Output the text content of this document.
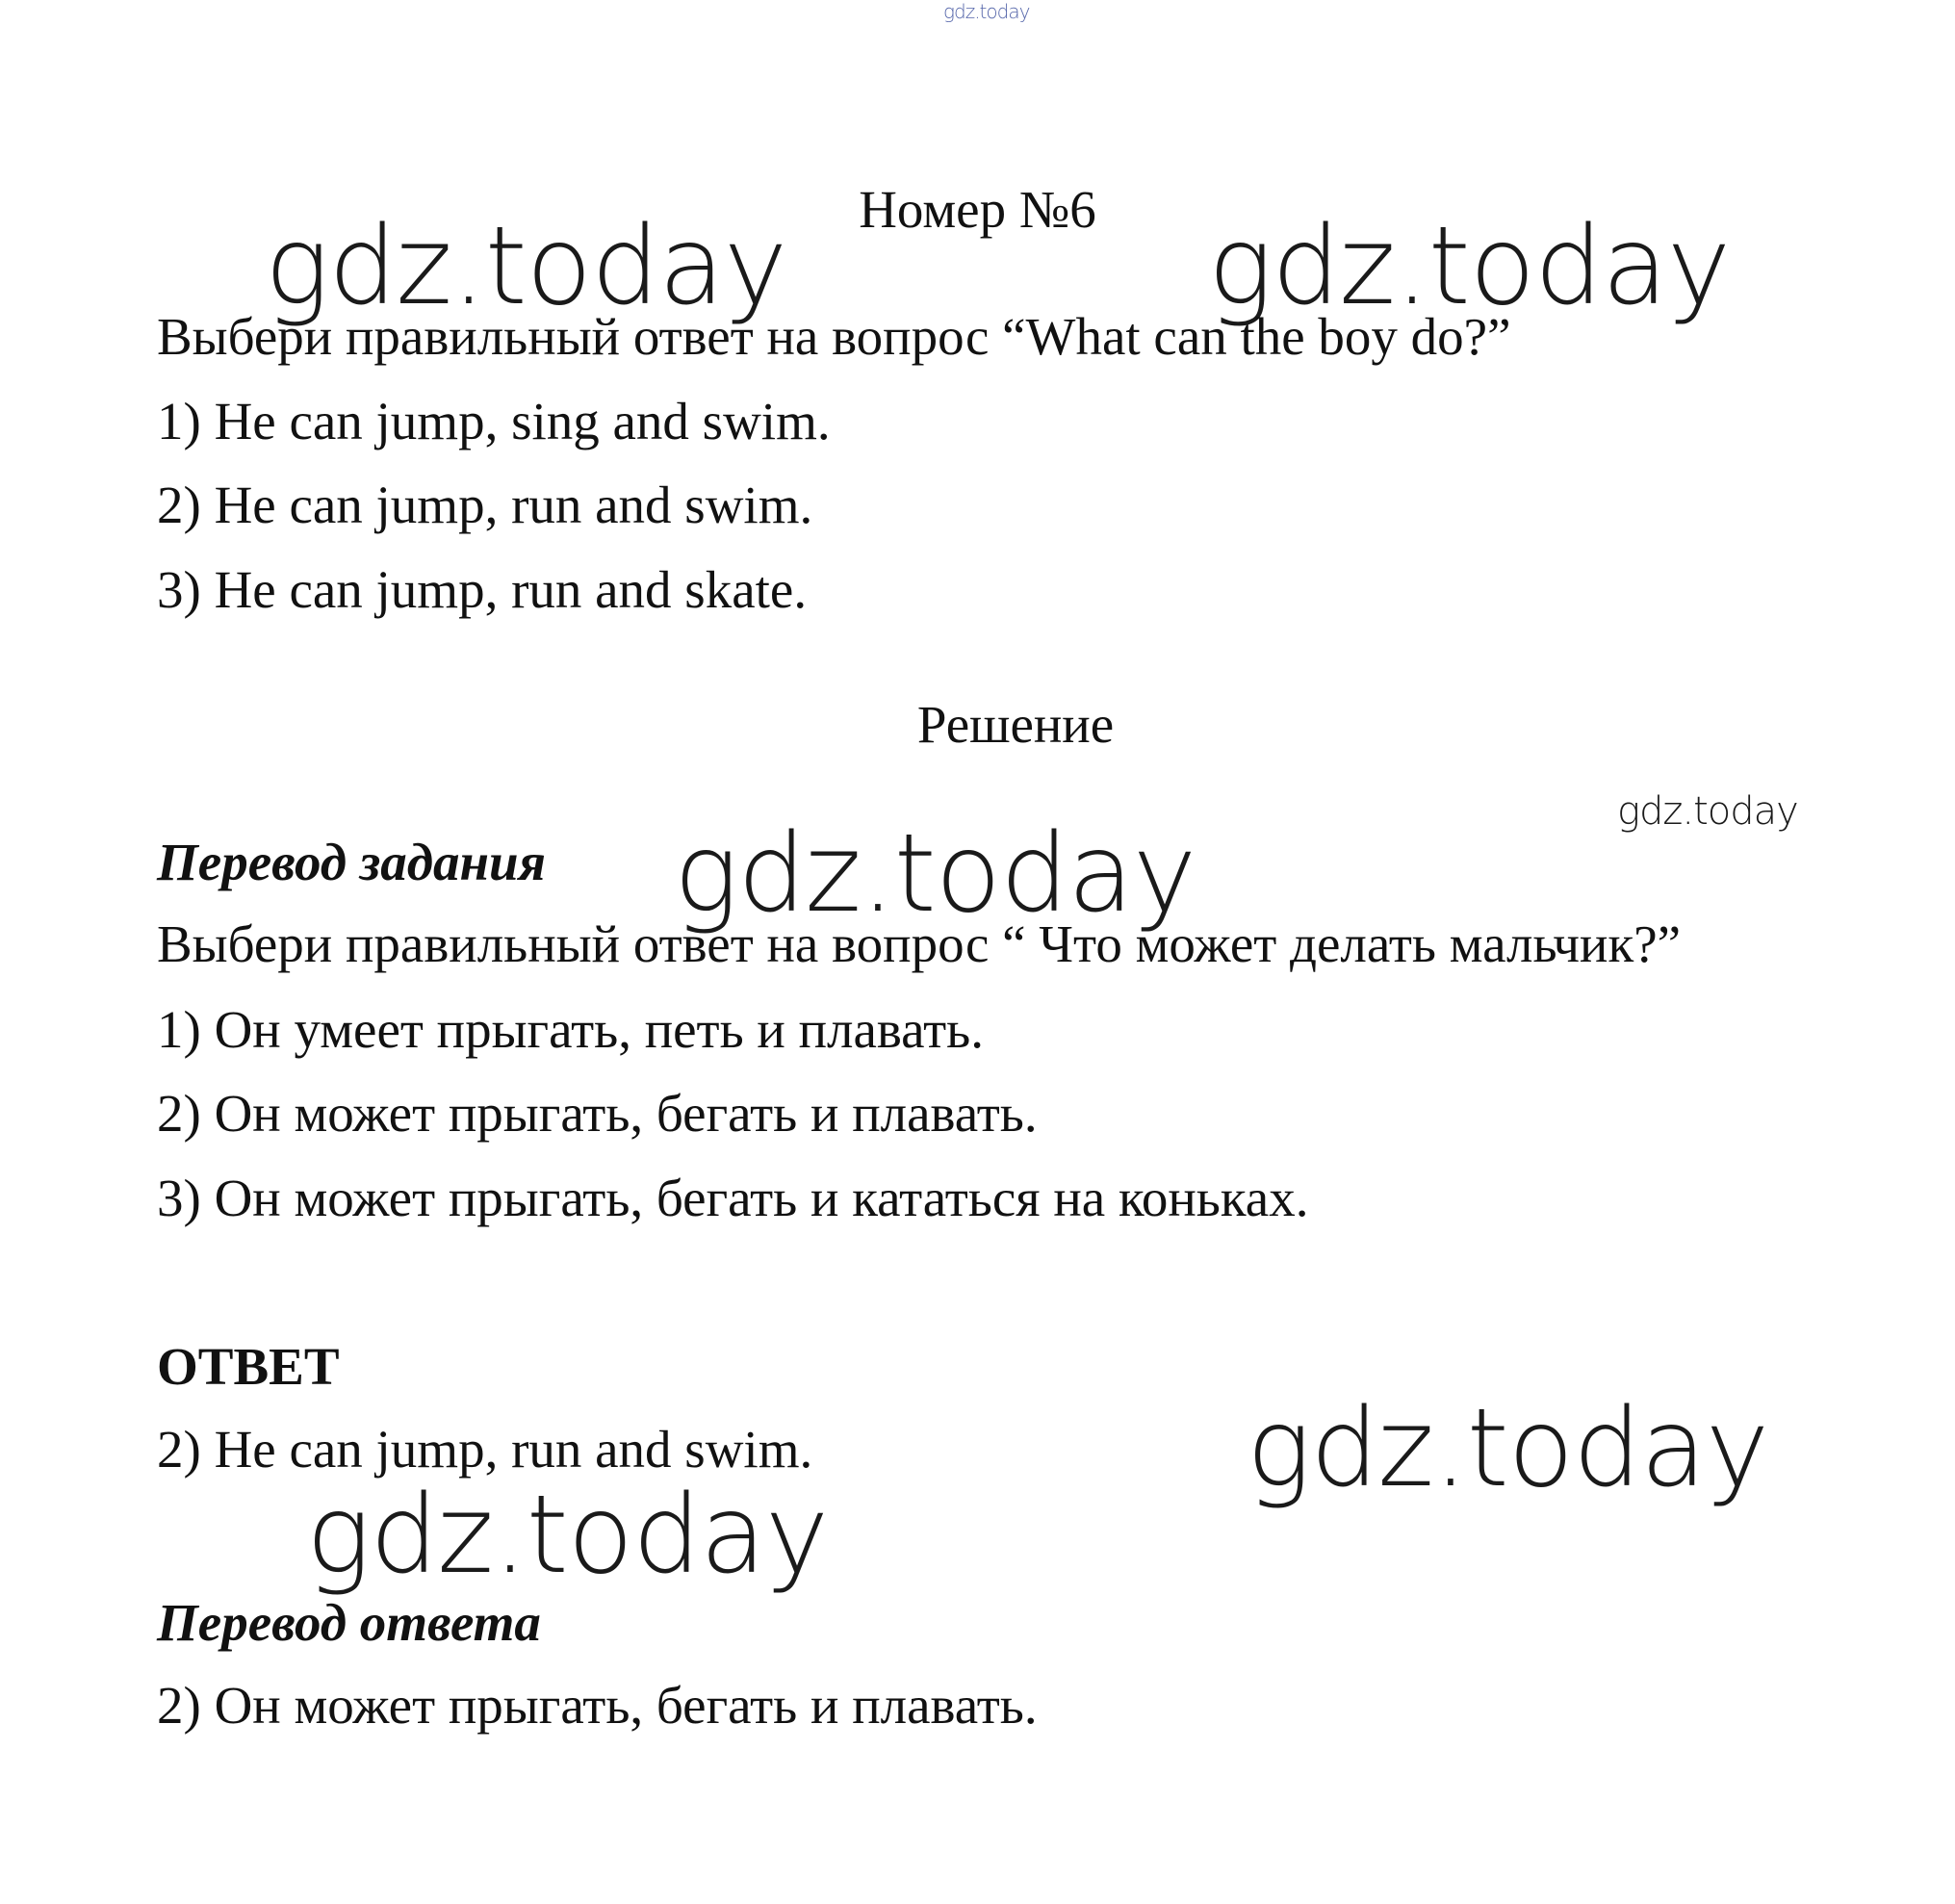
gdz.today
Номер №6
gdz.today	gdz.today
Выбери правильный ответ на вопрос “What can the boy do?”
1) He can jump, sing and swim.
2) He can jump, run and swim.
3) He can jump, run and skate.
Решение
gdz.today
Перевод задания gdz.today
Выбери правильный ответ на вопрос “ Что может делать мальчик?”
1) Он умеет прыгать, петь и плавать.
2) Он может прыгать, бегать и плавать.
3) Он может прыгать, бегать и кататься на коньках.
ОТВЕТ
2) He can jump, run and swim.	gdz.today
gdz.today
Перевод ответа
2) Он может прыгать, бегать и плавать.
